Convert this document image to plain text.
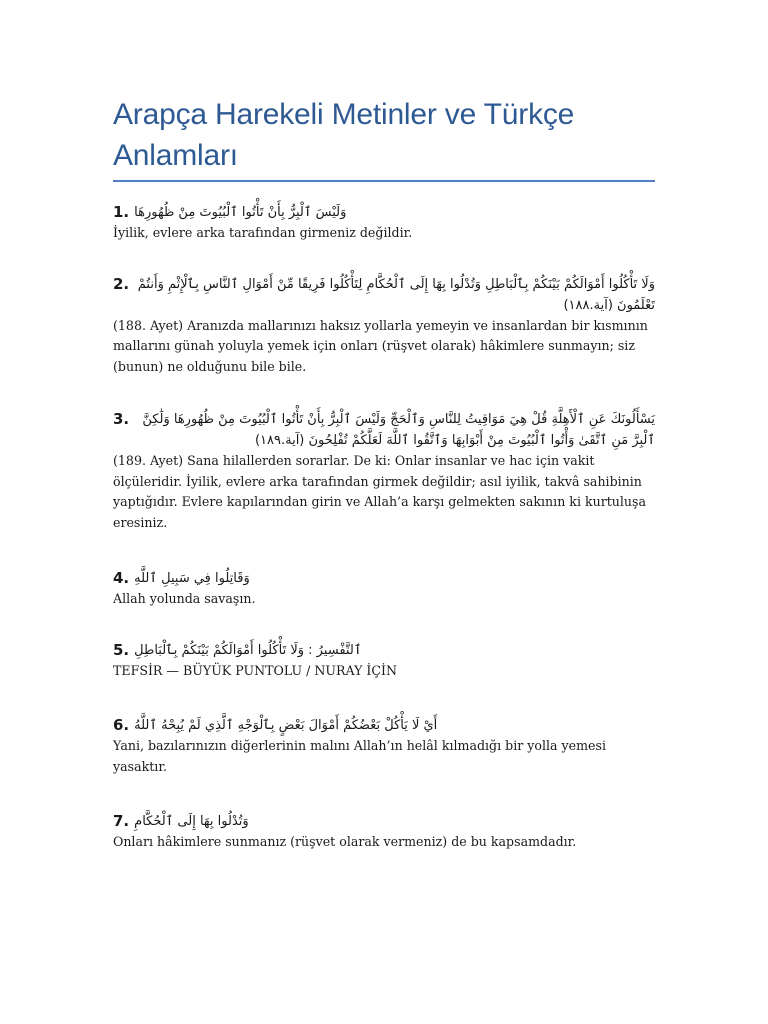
Arapça Harekeli Metinler ve Türkçe Anlamları
1. وَلَيْسَ ٱلْبِرُّ بِأَنْ تَأْتُوا ٱلْبُيُوتَ مِنْ ظُهُورِهَا

İyilik, evlere arka tarafından girmeniz değildir.

2. وَلَا تَأْكُلُوا أَمْوَالَكُمْ بَيْنَكُمْ بِٱلْبَاطِلِ وَتُدْلُوا بِهَا إِلَى ٱلْحُكَّامِ لِتَأْكُلُوا فَرِيقًا مِّنْ أَمْوَالِ ٱلنَّاسِ بِٱلْإِثْمِ وَأَنتُمْ تَعْلَمُونَ (آية.١٨٨)

(188. Ayet) Aranızda mallarınızı haksız yollarla yemeyin ve insanlardan bir kısmının mallarını günah yoluyla yemek için onları (rüşvet olarak) hâkimlere sunmayın; siz (bunun) ne olduğunu bile bile.

3.	يَسْأَلُونَكَ عَنِ ٱلْأَهِلَّةِ قُلْ هِيَ مَوَاقِيتُ لِلنَّاسِ وَٱلْحَجِّ وَلَيْسَ ٱلْبِرُّ بِأَنْ تَأْتُوا ٱلْبُيُوتَ مِنْ ظُهُورِهَا وَلَٰكِنَّ ٱلْبِرَّ مَنِ ٱتَّقَىٰ وَأْتُوا ٱلْبُيُوتَ مِنْ أَبْوَابِهَا وَٱتَّقُوا ٱللَّهَ لَعَلَّكُمْ تُفْلِحُونَ (آية.١٨٩)

(189. Ayet) Sana hilallerden sorarlar. De ki: Onlar insanlar ve hac için vakit ölçüleridir. İyilik, evlere arka tarafından girmek değildir; asıl iyilik, takvâ sahibinin yaptığıdır. Evlere kapılarından girin ve Allah’a karşı gelmekten sakının ki kurtuluşa eresiniz.

4. وَقَاتِلُوا فِي سَبِيلِ ٱللَّهِ

Allah yolunda savaşın.

5. ٱلتَّفْسِيرُ : وَلَا تَأْكُلُوا أَمْوَالَكُمْ بَيْنَكُمْ بِٱلْبَاطِلِ

TEFSİR — BÜYÜK PUNTOLU / NURAY İÇİN

6. أَيْ لَا يَأْكُلْ بَعْضُكُمْ أَمْوَالَ بَعْضٍ بِٱلْوَجْهِ ٱلَّذِي لَمْ يُبِحْهُ ٱللَّهُ

Yani, bazılarınızın diğerlerinin malını Allah’ın helâl kılmadığı bir yolla yemesi yasaktır.

7. وَتُدْلُوا بِهَا إِلَى ٱلْحُكَّامِ

Onları hâkimlere sunmanız (rüşvet olarak vermeniz) de bu kapsamdadır.
